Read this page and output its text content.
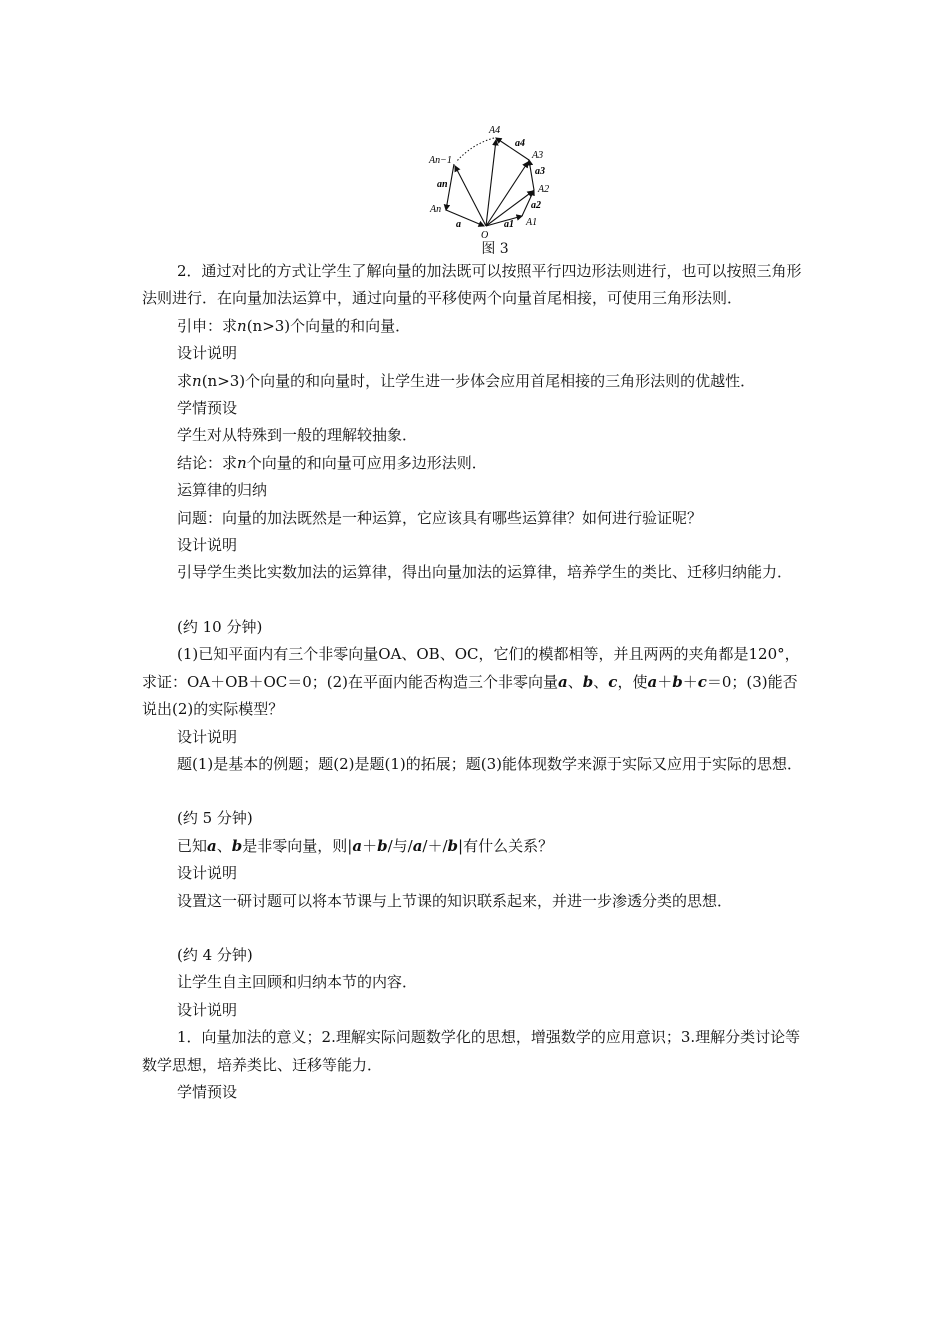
A4
A3
A2
A1
An−1
An
O
a4
a3
a2
a1
an
a
图 3

2．通过对比的方式让学生了解向量的加法既可以按照平行四边形法则进行，也可以按照三角形法则进行．在向量加法运算中，通过向量的平移使两个向量首尾相接，可使用三角形法则．

引申：求n(n>3)个向量的和向量．

设计说明

求n(n>3)个向量的和向量时，让学生进一步体会应用首尾相接的三角形法则的优越性．

学情预设

学生对从特殊到一般的理解较抽象．

结论：求n个向量的和向量可应用多边形法则．

运算律的归纳

问题：向量的加法既然是一种运算，它应该具有哪些运算律？如何进行验证呢？

设计说明

引导学生类比实数加法的运算律，得出向量加法的运算律，培养学生的类比、迁移归纳能力．

(约 10 分钟)

(1)已知平面内有三个非零向量OA、OB、OC，它们的模都相等，并且两两的夹角都是120°，求证：OA＋OB＋OC＝0；(2)在平面内能否构造三个非零向量a、b、c，使a＋b＋c＝0；(3)能否说出(2)的实际模型？

设计说明

题(1)是基本的例题；题(2)是题(1)的拓展；题(3)能体现数学来源于实际又应用于实际的思想．

(约 5 分钟)

已知a、b是非零向量，则|a＋b/与/a/＋/b|有什么关系？

设计说明

设置这一研讨题可以将本节课与上节课的知识联系起来，并进一步渗透分类的思想．

(约 4 分钟)

让学生自主回顾和归纳本节的内容．

设计说明

1．向量加法的意义；2.理解实际问题数学化的思想，增强数学的应用意识；3.理解分类讨论等数学思想，培养类比、迁移等能力．

学情预设
